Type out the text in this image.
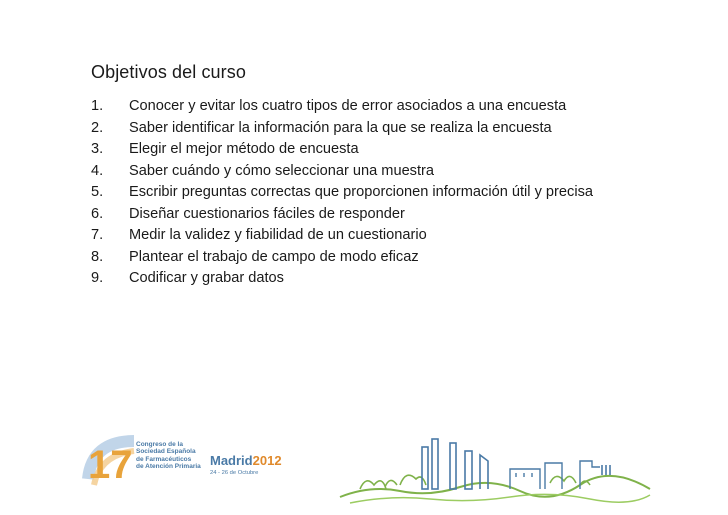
Objetivos del curso
1.	Conocer y evitar los cuatro tipos de error asociados a una encuesta
2.	Saber identificar la información para la que se realiza la encuesta
3.	Elegir el mejor método de encuesta
4.	Saber cuándo y cómo seleccionar una muestra
5.	Escribir preguntas correctas que proporcionen información útil y precisa
6.	Diseñar cuestionarios fáciles de responder
7.	Medir la validez y fiabilidad de un cuestionario
8.	Plantear el trabajo de campo de modo eficaz
9.	Codificar y grabar datos
17 Congreso de la
Sociedad Española
de Farmacéuticos
de Atención Primaria Madrid2012
24 - 26 de Octubre
